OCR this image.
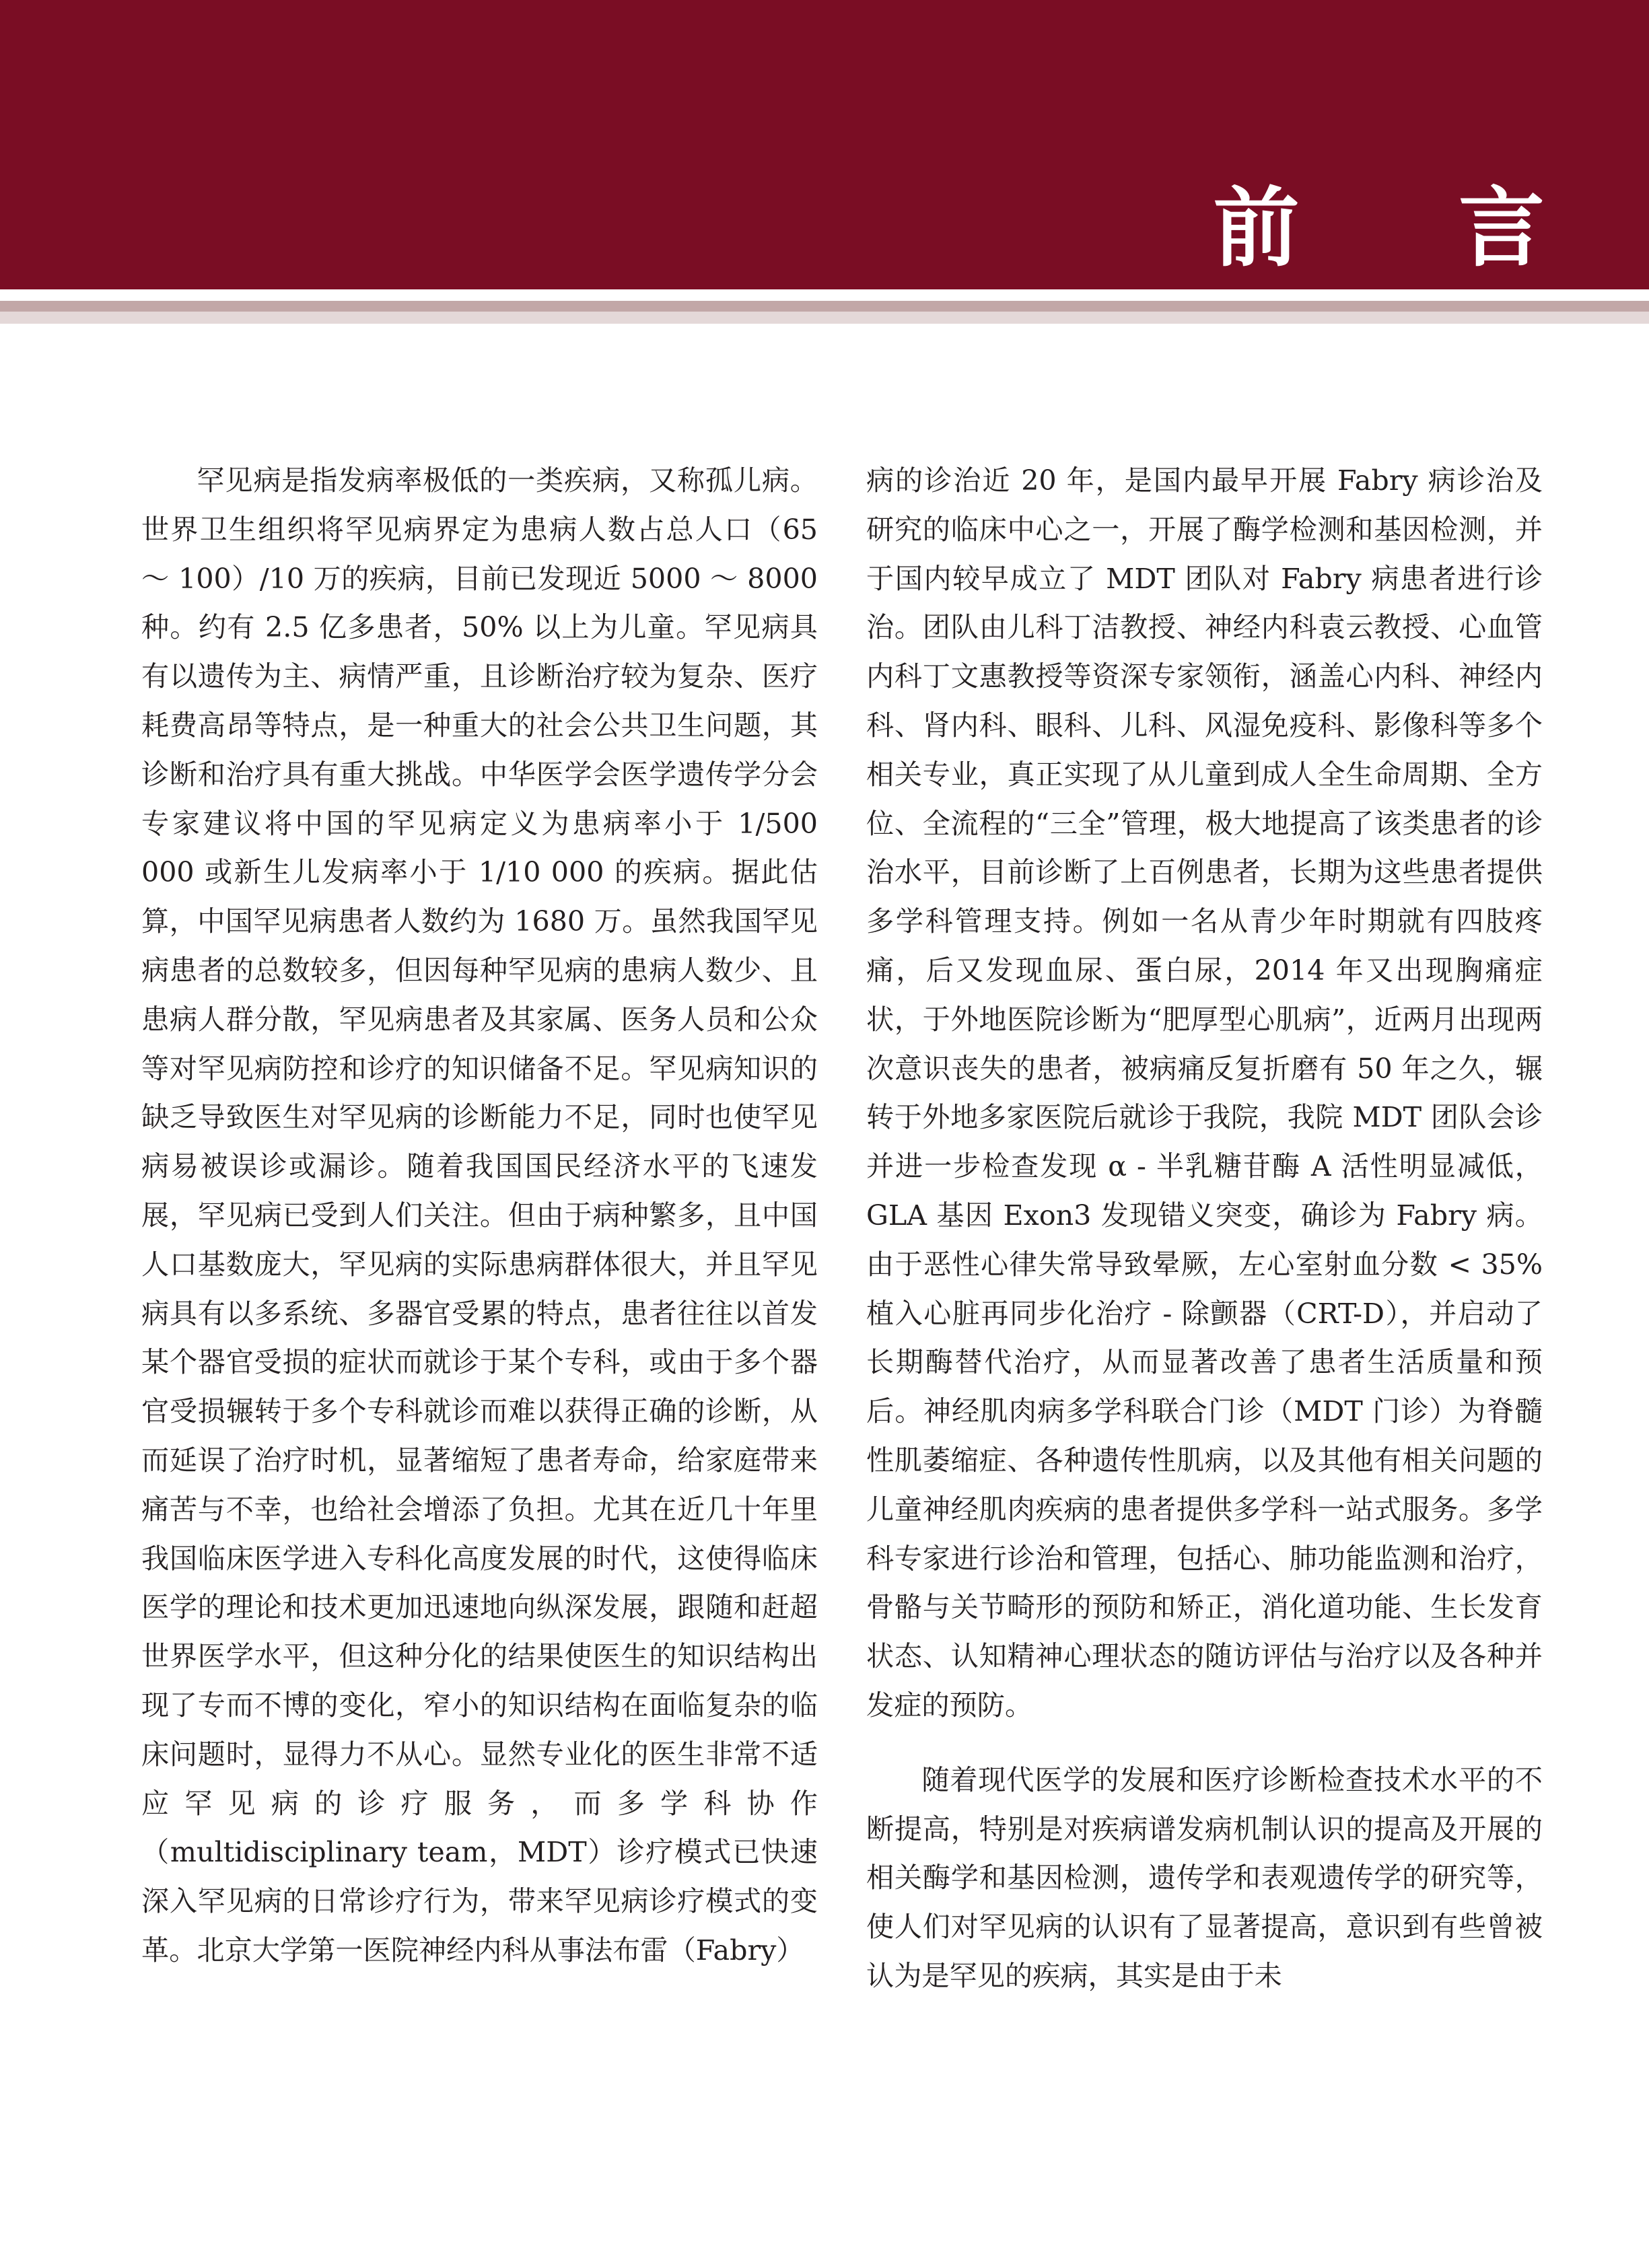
前 言

罕见病是指发病率极低的一类疾病，又称孤儿病。世界卫生组织将罕见病界定为患病人数占总人口（65 ～ 100）/10 万的疾病，目前已发现近 5000 ～ 8000 种。约有 2.5 亿多患者，50% 以上为儿童。罕见病具有以遗传为主、病情严重，且诊断治疗较为复杂、医疗耗费高昂等特点，是一种重大的社会公共卫生问题，其诊断和治疗具有重大挑战。中华医学会医学遗传学分会专家建议将中国的罕见病定义为患病率小于 1/500 000 或新生儿发病率小于 1/10 000 的疾病。据此估算，中国罕见病患者人数约为 1680 万。虽然我国罕见病患者的总数较多，但因每种罕见病的患病人数少、且患病人群分散，罕见病患者及其家属、医务人员和公众等对罕见病防控和诊疗的知识储备不足。罕见病知识的缺乏导致医生对罕见病的诊断能力不足，同时也使罕见病易被误诊或漏诊。随着我国国民经济水平的飞速发展，罕见病已受到人们关注。但由于病种繁多，且中国人口基数庞大，罕见病的实际患病群体很大，并且罕见病具有以多系统、多器官受累的特点，患者往往以首发某个器官受损的症状而就诊于某个专科，或由于多个器官受损辗转于多个专科就诊而难以获得正确的诊断，从而延误了治疗时机，显著缩短了患者寿命，给家庭带来痛苦与不幸，也给社会增添了负担。尤其在近几十年里我国临床医学进入专科化高度发展的时代，这使得临床医学的理论和技术更加迅速地向纵深发展，跟随和赶超世界医学水平，但这种分化的结果使医生的知识结构出现了专而不博的变化，窄小的知识结构在面临复杂的临床问题时，显得力不从心。显然专业化的医生非常不适应罕见病的诊疗服务，而多学科协作（multidisciplinary team，MDT）诊疗模式已快速深入罕见病的日常诊疗行为，带来罕见病诊疗模式的变革。北京大学第一医院神经内科从事法布雷（Fabry）

病的诊治近 20 年，是国内最早开展 Fabry 病诊治及研究的临床中心之一，开展了酶学检测和基因检测，并于国内较早成立了 MDT 团队对 Fabry 病患者进行诊治。团队由儿科丁洁教授、神经内科袁云教授、心血管内科丁文惠教授等资深专家领衔，涵盖心内科、神经内科、肾内科、眼科、儿科、风湿免疫科、影像科等多个相关专业，真正实现了从儿童到成人全生命周期、全方位、全流程的“三全”管理，极大地提高了该类患者的诊治水平，目前诊断了上百例患者，长期为这些患者提供多学科管理支持。例如一名从青少年时期就有四肢疼痛，后又发现血尿、蛋白尿，2014 年又出现胸痛症状，于外地医院诊断为“肥厚型心肌病”，近两月出现两次意识丧失的患者，被病痛反复折磨有 50 年之久，辗转于外地多家医院后就诊于我院，我院 MDT 团队会诊并进一步检查发现 α - 半乳糖苷酶 A 活性明显减低，GLA 基因 Exon3 发现错义突变，确诊为 Fabry 病。由于恶性心律失常导致晕厥，左心室射血分数 < 35% 植入心脏再同步化治疗 - 除颤器（CRT-D），并启动了长期酶替代治疗，从而显著改善了患者生活质量和预后。神经肌肉病多学科联合门诊（MDT 门诊）为脊髓性肌萎缩症、各种遗传性肌病，以及其他有相关问题的儿童神经肌肉疾病的患者提供多学科一站式服务。多学科专家进行诊治和管理，包括心、肺功能监测和治疗，骨骼与关节畸形的预防和矫正，消化道功能、生长发育状态、认知精神心理状态的随访评估与治疗以及各种并发症的预防。

随着现代医学的发展和医疗诊断检查技术水平的不断提高，特别是对疾病谱发病机制认识的提高及开展的相关酶学和基因检测，遗传学和表观遗传学的研究等，使人们对罕见病的认识有了显著提高，意识到有些曾被认为是罕见的疾病，其实是由于未
